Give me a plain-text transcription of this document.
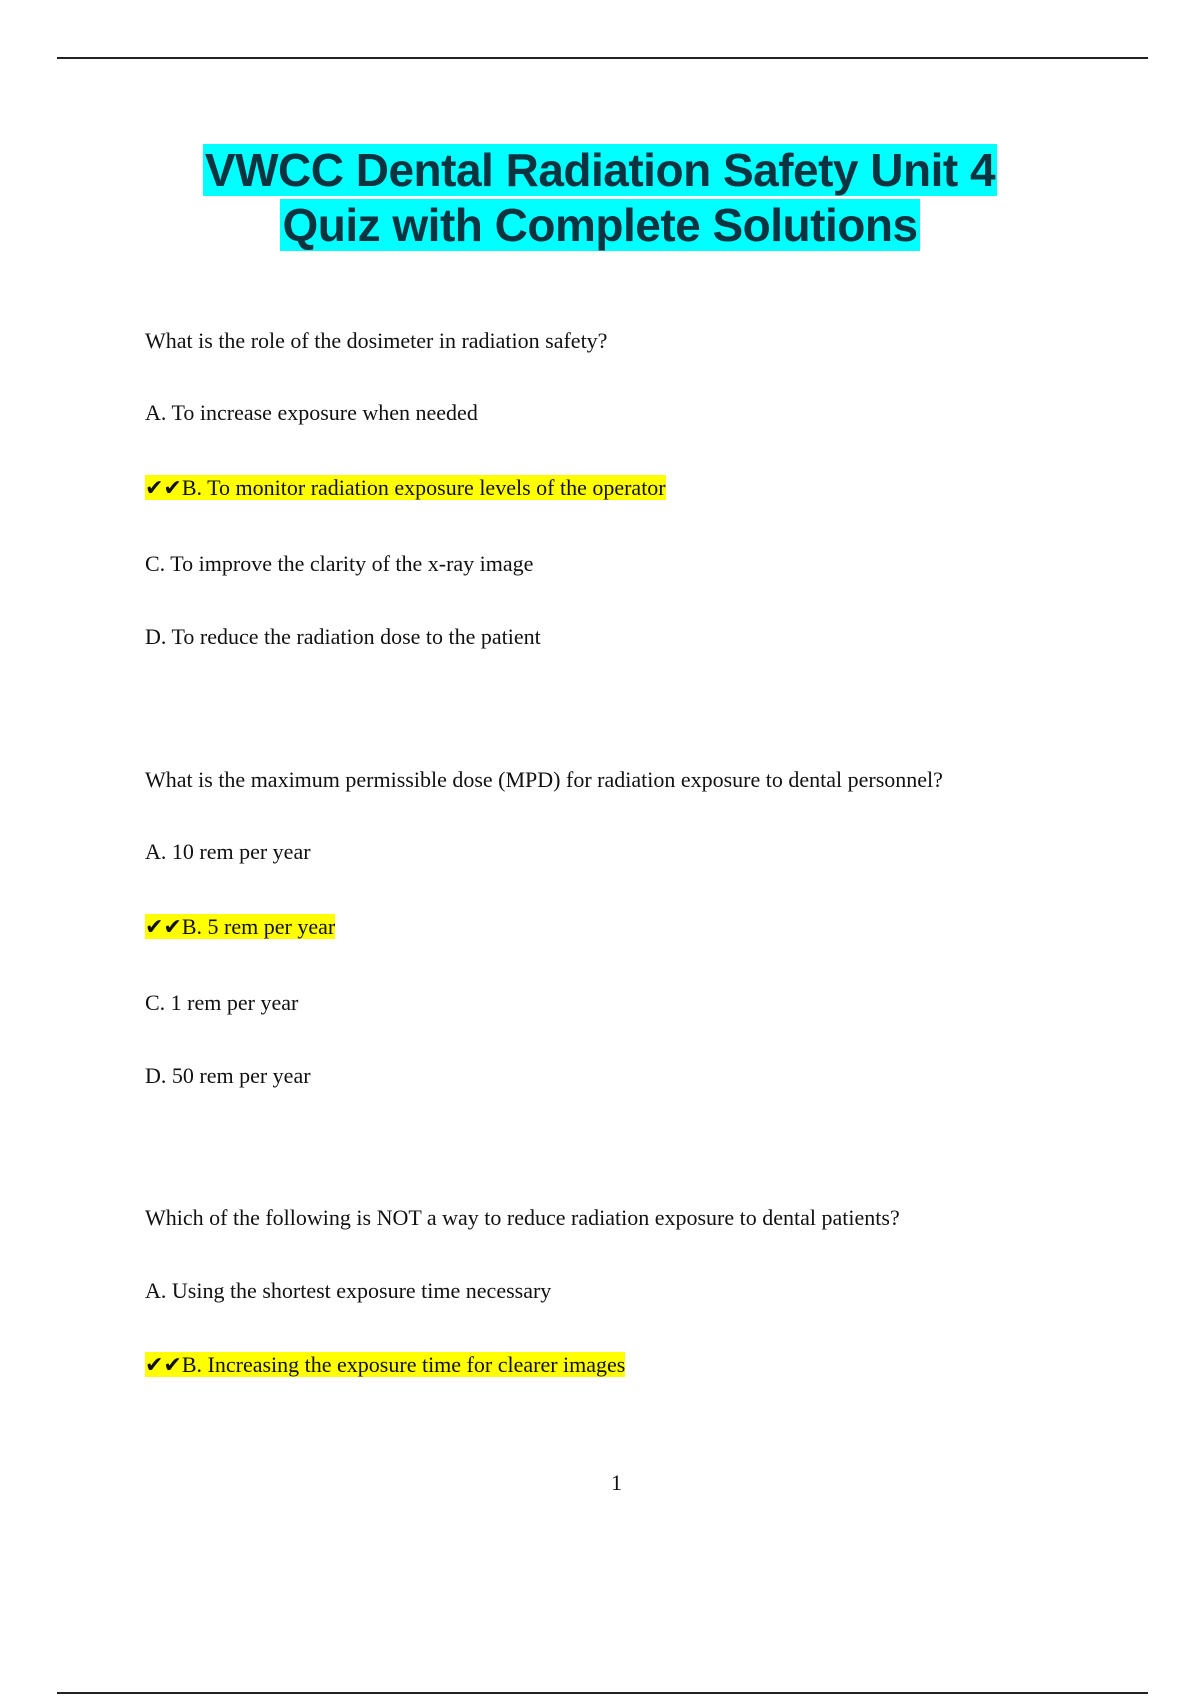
VWCC Dental Radiation Safety Unit 4
Quiz with Complete Solutions
What is the role of the dosimeter in radiation safety?
A. To increase exposure when needed
✔✔B. To monitor radiation exposure levels of the operator
C. To improve the clarity of the x-ray image
D. To reduce the radiation dose to the patient
What is the maximum permissible dose (MPD) for radiation exposure to dental personnel?
A. 10 rem per year
✔✔B. 5 rem per year
C. 1 rem per year
D. 50 rem per year
Which of the following is NOT a way to reduce radiation exposure to dental patients?
A. Using the shortest exposure time necessary
✔✔B. Increasing the exposure time for clearer images
1
